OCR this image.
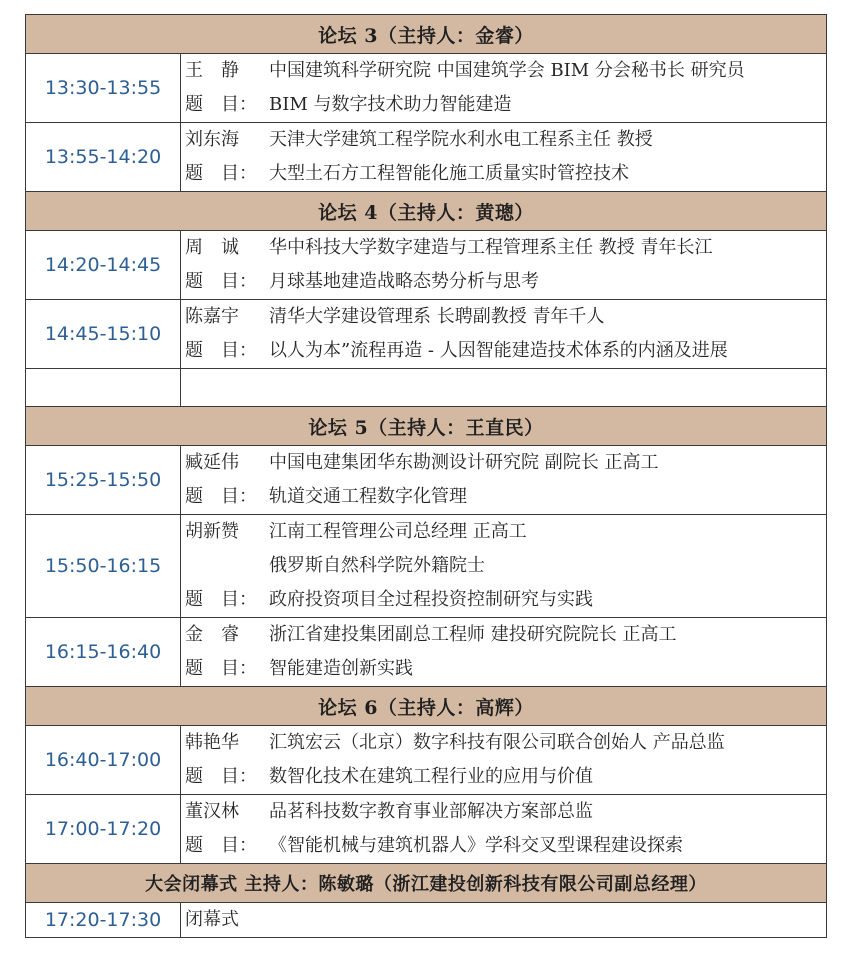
论坛 3（主持人：金睿）	
13:30-13:55	王　静 中国建筑科学研究院 中国建筑学会 BIM 分会秘书长 研究员
题　目： BIM 与数字技术助力智能建造

13:55-14:20	刘东海 天津大学建筑工程学院水利水电工程系主任 教授
题　目： 大型土石方工程智能化施工质量实时管控技术

论坛 4（主持人：黄璁）	
14:20-14:45	周　诚 华中科技大学数字建造与工程管理系主任 教授 青年长江
题　目： 月球基地建造战略态势分析与思考

14:45-15:10	陈嘉宇 清华大学建设管理系 长聘副教授 青年千人
题　目： 以人为本”流程再造 - 人因智能建造技术体系的内涵及进展

论坛 5（主持人：王直民）	
15:25-15:50	臧延伟 中国电建集团华东勘测设计研究院 副院长 正高工
题　目： 轨道交通工程数字化管理

15:50-16:15	胡新赞 江南工程管理公司总经理 正高工
俄罗斯自然科学院外籍院士
题　目： 政府投资项目全过程投资控制研究与实践

16:15-16:40	金　睿 浙江省建投集团副总工程师 建投研究院院长 正高工
题　目： 智能建造创新实践

论坛 6（主持人：高辉）	
16:40-17:00	韩艳华 汇筑宏云（北京）数字科技有限公司联合创始人 产品总监
题　目： 数智化技术在建筑工程行业的应用与价值

17:00-17:20	董汉林 品茗科技数字教育事业部解决方案部总监
题　目： 《智能机械与建筑机器人》学科交叉型课程建设探索

大会闭幕式 主持人：陈敏璐（浙江建投创新科技有限公司副总经理）	
17:20-17:30	闭幕式
